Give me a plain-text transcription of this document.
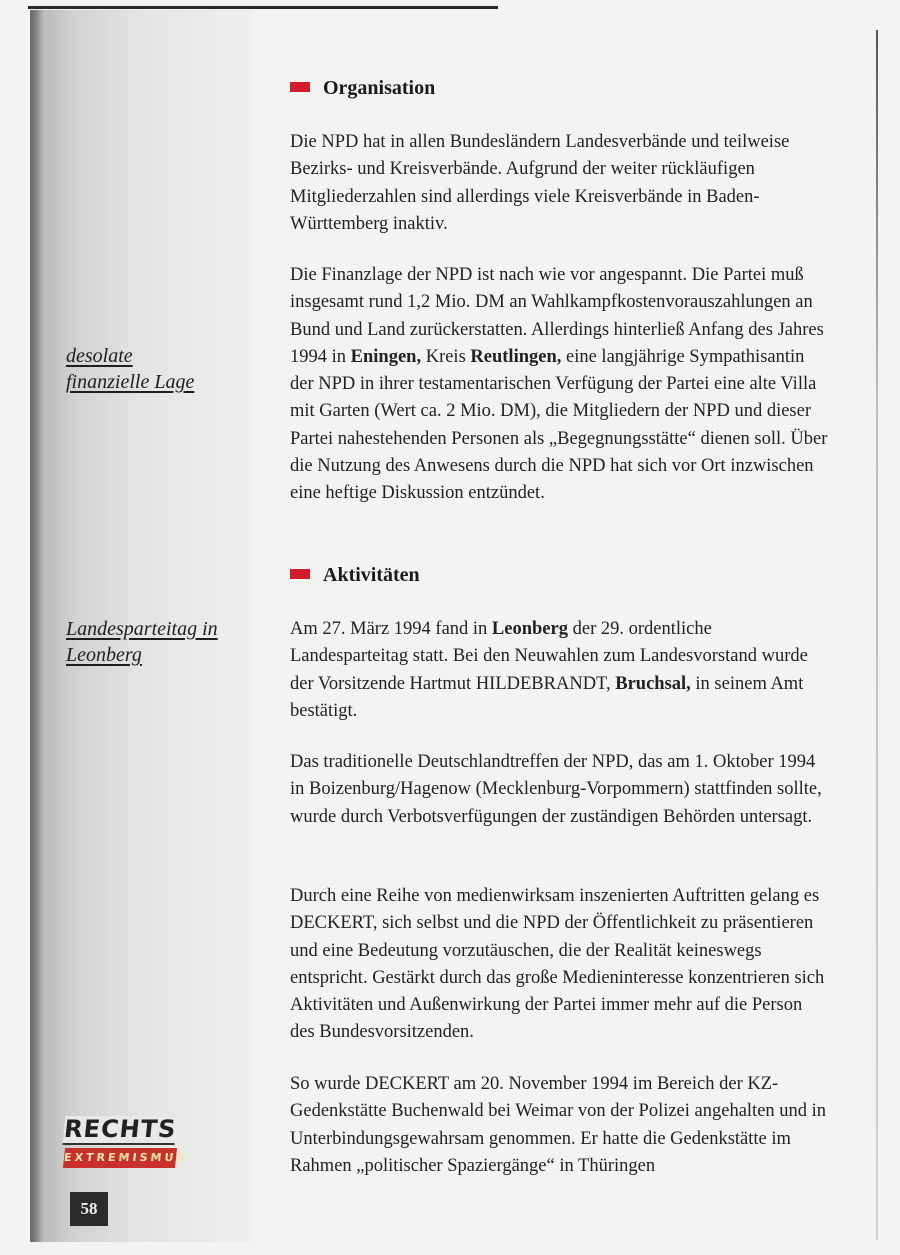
Organisation

Die NPD hat in allen Bundesländern Landesverbände und teilweise Bezirks- und Kreisverbände. Aufgrund der weiter rückläufigen Mitgliederzahlen sind allerdings viele Kreisverbände in Baden-Württemberg inaktiv.

desolate
finanzielle Lage

Die Finanzlage der NPD ist nach wie vor angespannt. Die Partei muß insgesamt rund 1,2 Mio. DM an Wahlkampfkostenvorauszahlungen an Bund und Land zurückerstatten. Allerdings hinterließ Anfang des Jahres 1994 in Eningen, Kreis Reutlingen, eine langjährige Sympathisantin der NPD in ihrer testamentarischen Verfügung der Partei eine alte Villa mit Garten (Wert ca. 2 Mio. DM), die Mitgliedern der NPD und dieser Partei nahestehenden Personen als „Begegnungsstätte“ dienen soll. Über die Nutzung des Anwesens durch die NPD hat sich vor Ort inzwischen eine heftige Diskussion entzündet.

Aktivitäten
Landesparteitag in
Leonberg

Am 27. März 1994 fand in Leonberg der 29. ordentliche Landesparteitag statt. Bei den Neuwahlen zum Landesvorstand wurde der Vorsitzende Hartmut HILDEBRANDT, Bruchsal, in seinem Amt bestätigt.

Das traditionelle Deutschlandtreffen der NPD, das am 1. Oktober 1994 in Boizenburg/Hagenow (Mecklenburg-Vorpommern) stattfinden sollte, wurde durch Verbotsverfügungen der zuständigen Behörden untersagt.

Durch eine Reihe von medienwirksam inszenierten Auftritten gelang es DECKERT, sich selbst und die NPD der Öffentlichkeit zu präsentieren und eine Bedeutung vorzutäuschen, die der Realität keineswegs entspricht. Gestärkt durch das große Medieninteresse konzentrieren sich Aktivitäten und Außenwirkung der Partei immer mehr auf die Person des Bundesvorsitzenden.

So wurde DECKERT am 20. November 1994 im Bereich der KZ-Gedenkstätte Buchenwald bei Weimar von der Polizei angehalten und in Unterbindungsgewahrsam genommen. Er hatte die Gedenkstätte im Rahmen „politischer Spaziergänge“ in Thüringen

RECHTS
EXTREMISMUS
58
